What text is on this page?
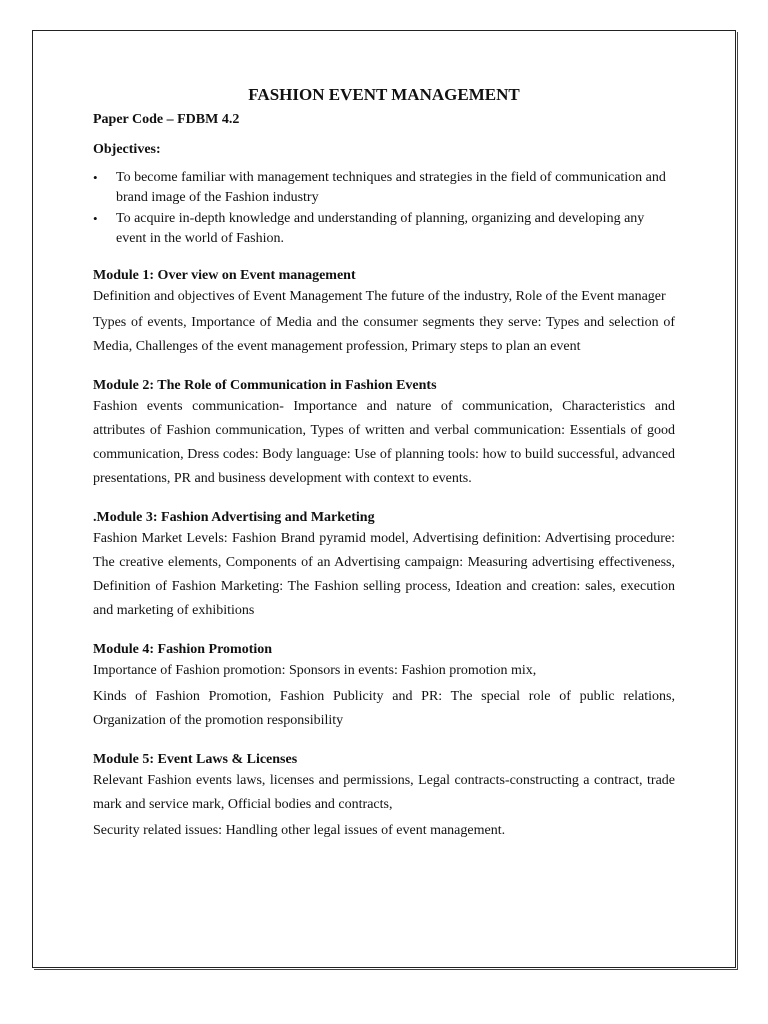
FASHION EVENT MANAGEMENT

Paper Code – FDBM 4.2

Objectives:

• To become familiar with management techniques and strategies in the field of communication and brand image of the Fashion industry
• To acquire in-depth knowledge and understanding of planning, organizing and developing any event in the world of Fashion.
Module 1: Over view on Event management

Definition and objectives of Event Management The future of the industry, Role of the Event manager

Types of events, Importance of Media and the consumer segments they serve: Types and selection of Media, Challenges of the event management profession, Primary steps to plan an event

Module 2: The Role of Communication in Fashion Events

Fashion events communication- Importance and nature of communication, Characteristics and attributes of Fashion communication, Types of written and verbal communication: Essentials of good communication, Dress codes: Body language: Use of planning tools: how to build successful, advanced presentations, PR and business development with context to events.

.Module 3: Fashion Advertising and Marketing

Fashion Market Levels: Fashion Brand pyramid model, Advertising definition: Advertising procedure: The creative elements, Components of an Advertising campaign: Measuring advertising effectiveness, Definition of Fashion Marketing: The Fashion selling process, Ideation and creation: sales, execution and marketing of exhibitions

Module 4: Fashion Promotion

Importance of Fashion promotion: Sponsors in events: Fashion promotion mix,

Kinds of Fashion Promotion, Fashion Publicity and PR: The special role of public relations, Organization of the promotion responsibility

Module 5: Event Laws & Licenses

Relevant Fashion events laws, licenses and permissions, Legal contracts-constructing a contract, trade mark and service mark, Official bodies and contracts,

Security related issues: Handling other legal issues of event management.
